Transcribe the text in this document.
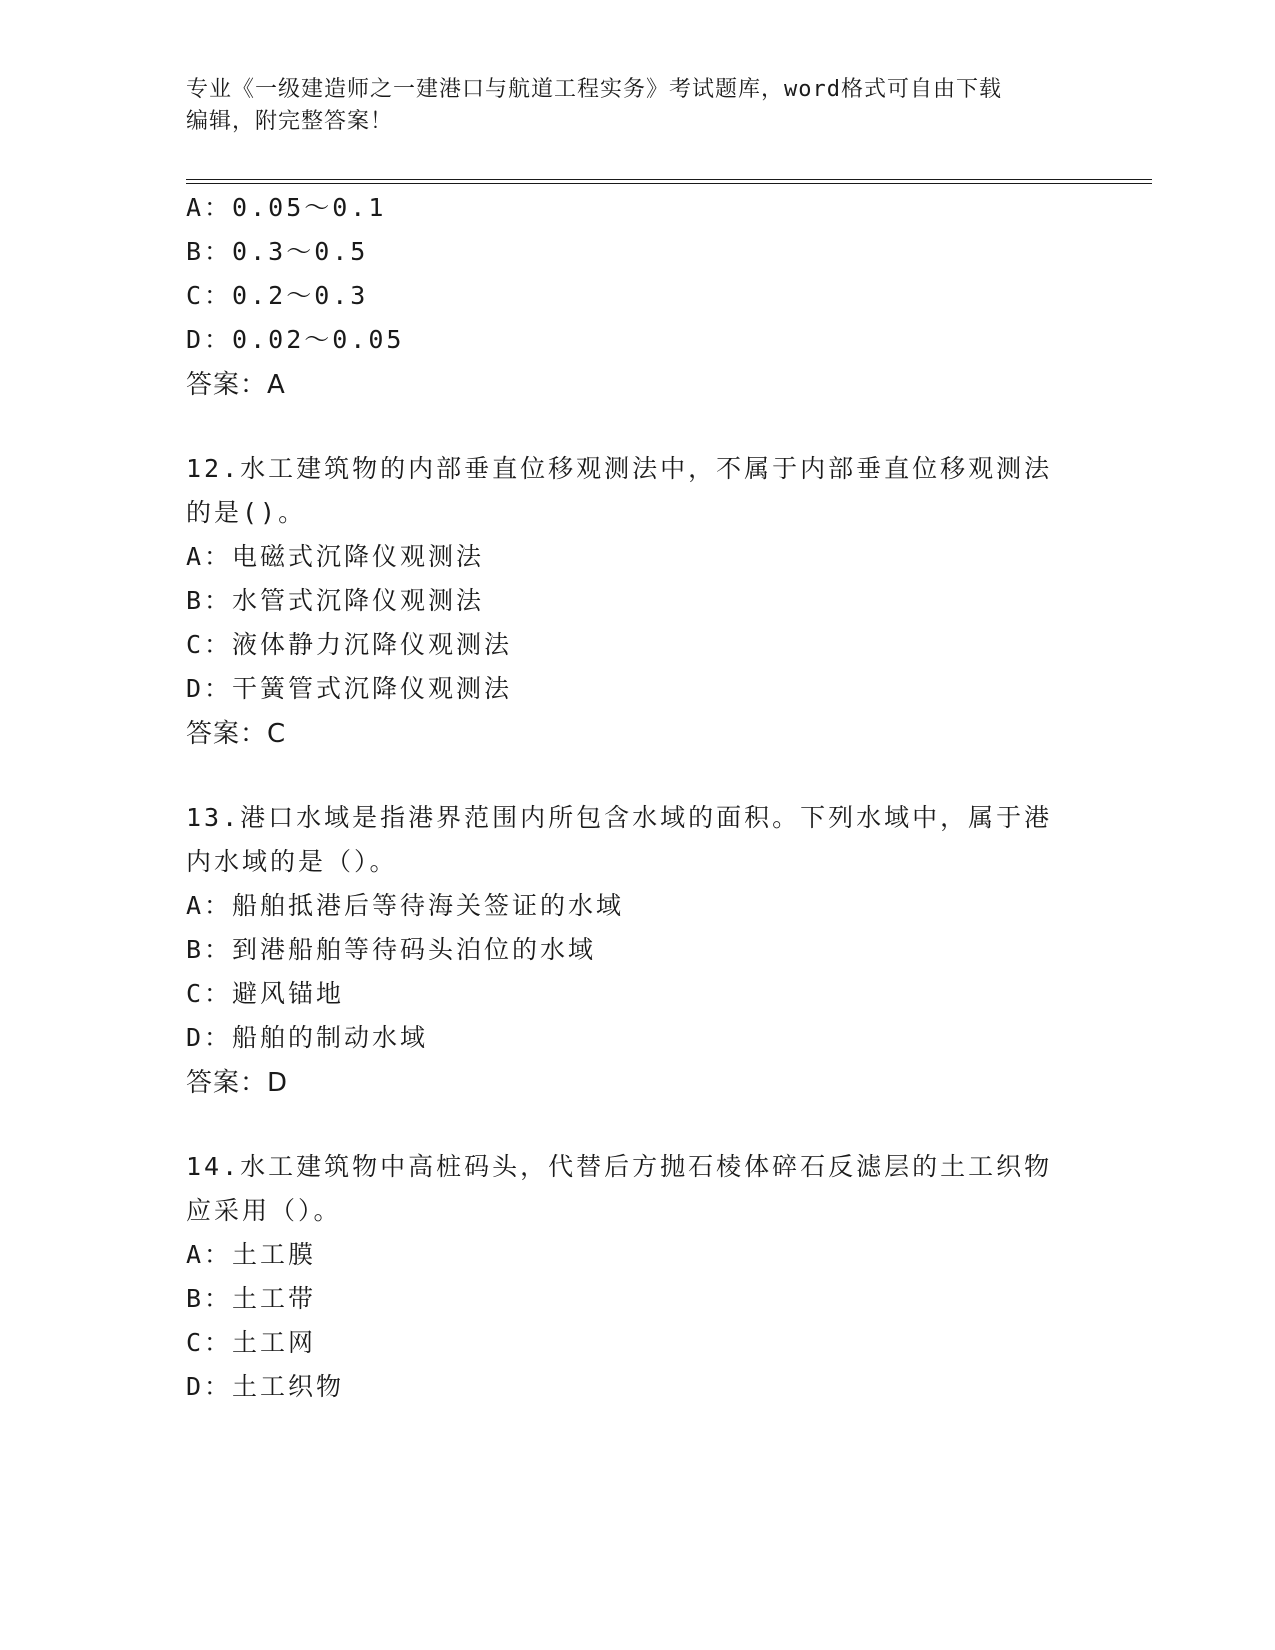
专业《一级建造师之一建港口与航道工程实务》考试题库，word格式可自由下载
编辑，附完整答案！
A：0.05～0.1
B：0.3～0.5
C：0.2～0.3
D：0.02～0.05
答案：A
12.水工建筑物的内部垂直位移观测法中，不属于内部垂直位移观测法
的是()。
A：电磁式沉降仪观测法
B：水管式沉降仪观测法
C：液体静力沉降仪观测法
D：干簧管式沉降仪观测法
答案：C
13.港口水域是指港界范围内所包含水域的面积。下列水域中，属于港
内水域的是（）。
A：船舶抵港后等待海关签证的水域
B：到港船舶等待码头泊位的水域
C：避风锚地
D：船舶的制动水域
答案：D
14.水工建筑物中高桩码头，代替后方抛石棱体碎石反滤层的土工织物
应采用（）。
A：土工膜
B：土工带
C：土工网
D：土工织物
